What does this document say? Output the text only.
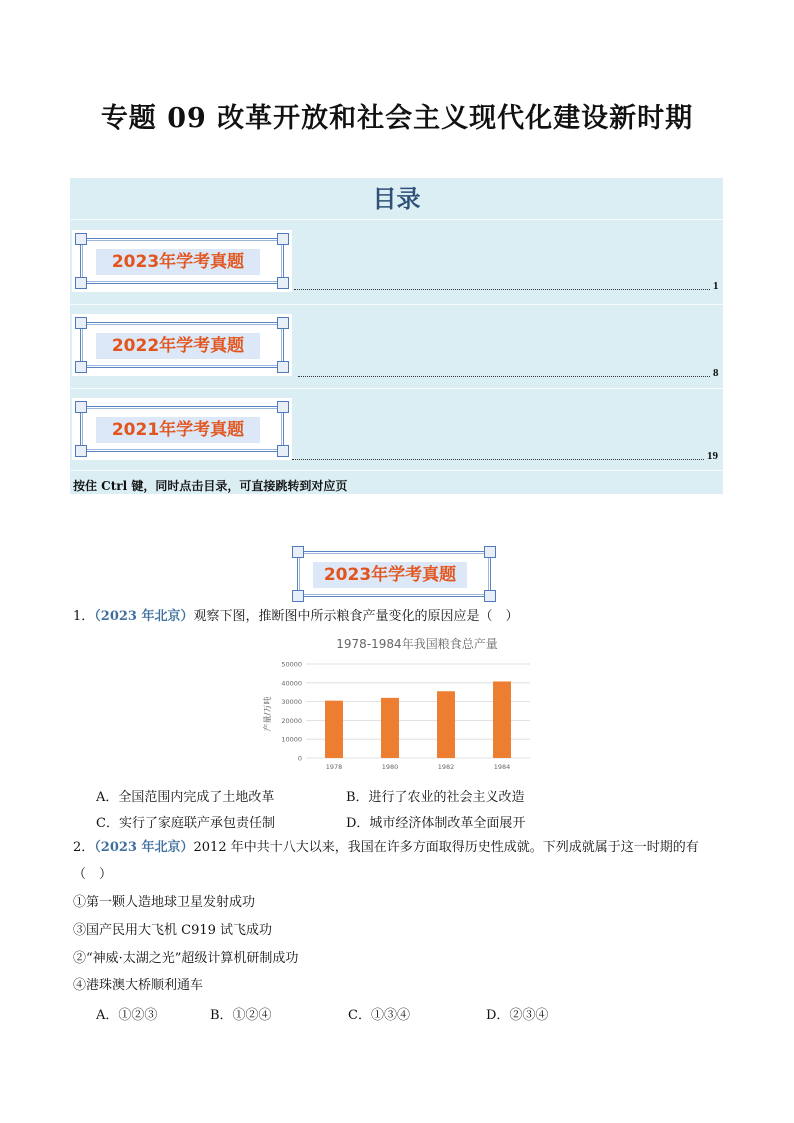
专题 09 改革开放和社会主义现代化建设新时期
目录
2023年学考真题
1
2022年学考真题
8
2021年学考真题
19
按住 Ctrl 键，同时点击目录，可直接跳转到对应页
2023年学考真题
1．（2023 年北京）观察下图，推断图中所示粮食产量变化的原因应是（　）
1978-1984年我国粮食总产量
产量/万吨
0
10000
20000
30000
40000
50000
1978	1980	1982	1984
A．全国范围内完成了土地改革	B．进行了农业的社会主义改造
C．实行了家庭联产承包责任制	D．城市经济体制改革全面展开
2．（2023 年北京）2012 年中共十八大以来，我国在许多方面取得历史性成就。下列成就属于这一时期的有
（　）
①第一颗人造地球卫星发射成功
③国产民用大飞机 C919 试飞成功
②“神威·太湖之光”超级计算机研制成功
④港珠澳大桥顺利通车
A．①②③	B．①②④	C．①③④	D．②③④
